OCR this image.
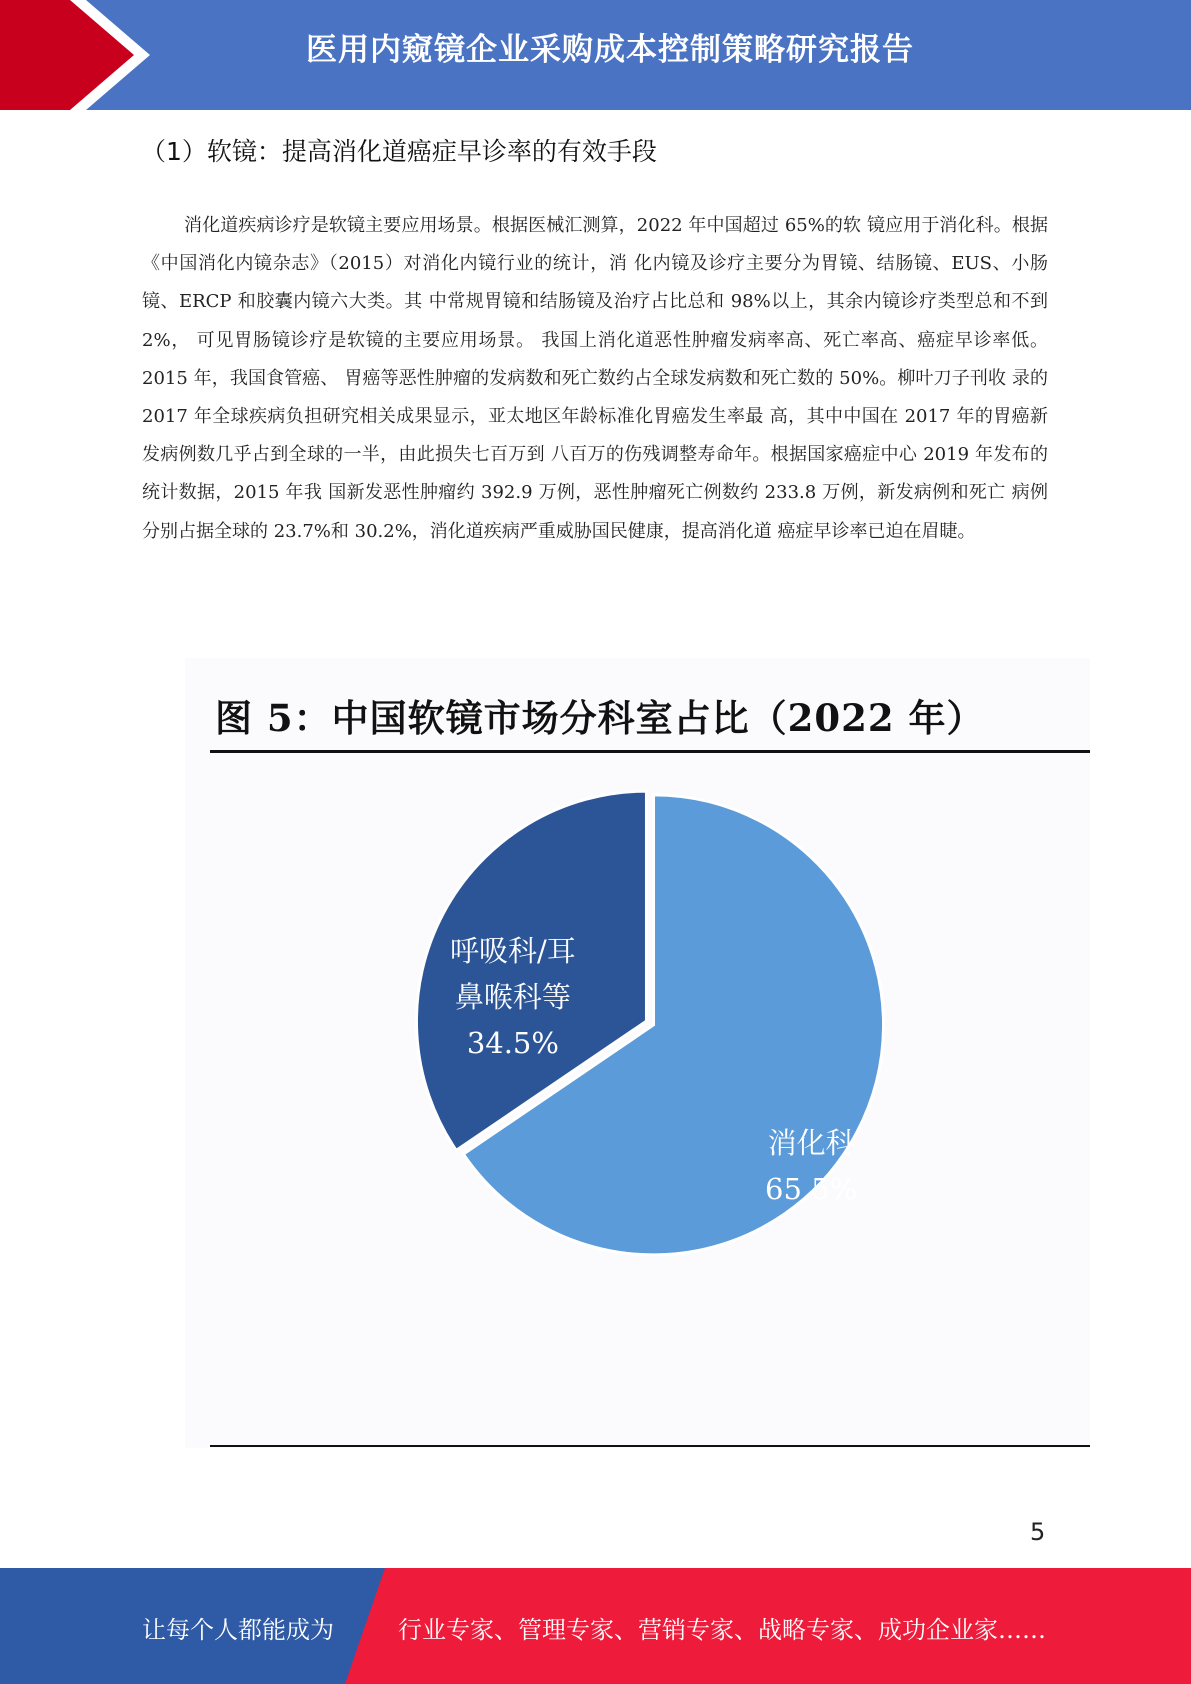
医用内窥镜企业采购成本控制策略研究报告
（1）软镜：提高消化道癌症早诊率的有效手段

消化道疾病诊疗是软镜主要应用场景。根据医械汇测算，2022 年中国超过 65%的软 镜应用于消化科。根据《中国消化内镜杂志》（2015）对消化内镜行业的统计，消 化内镜及诊疗主要分为胃镜、结肠镜、EUS、小肠镜、ERCP 和胶囊内镜六大类。其 中常规胃镜和结肠镜及治疗占比总和 98%以上，其余内镜诊疗类型总和不到 2%， 可见胃肠镜诊疗是软镜的主要应用场景。 我国上消化道恶性肿瘤发病率高、死亡率高、癌症早诊率低。2015 年，我国食管癌、 胃癌等恶性肿瘤的发病数和死亡数约占全球发病数和死亡数的 50%。柳叶刀子刊收 录的 2017 年全球疾病负担研究相关成果显示，亚太地区年龄标准化胃癌发生率最 高，其中中国在 2017 年的胃癌新发病例数几乎占到全球的一半，由此损失七百万到 八百万的伤残调整寿命年。根据国家癌症中心 2019 年发布的统计数据，2015 年我 国新发恶性肿瘤约 392.9 万例，恶性肿瘤死亡例数约 233.8 万例，新发病例和死亡 病例分别占据全球的 23.7%和 30.2%，消化道疾病严重威胁国民健康，提高消化道 癌症早诊率已迫在眉睫。

图 5：中国软镜市场分科室占比（2022 年）
呼吸科/耳
鼻喉科等
34.5%
消化科
65.5%
5
让每个人都能成为	行业专家、管理专家、营销专家、战略专家、成功企业家……
